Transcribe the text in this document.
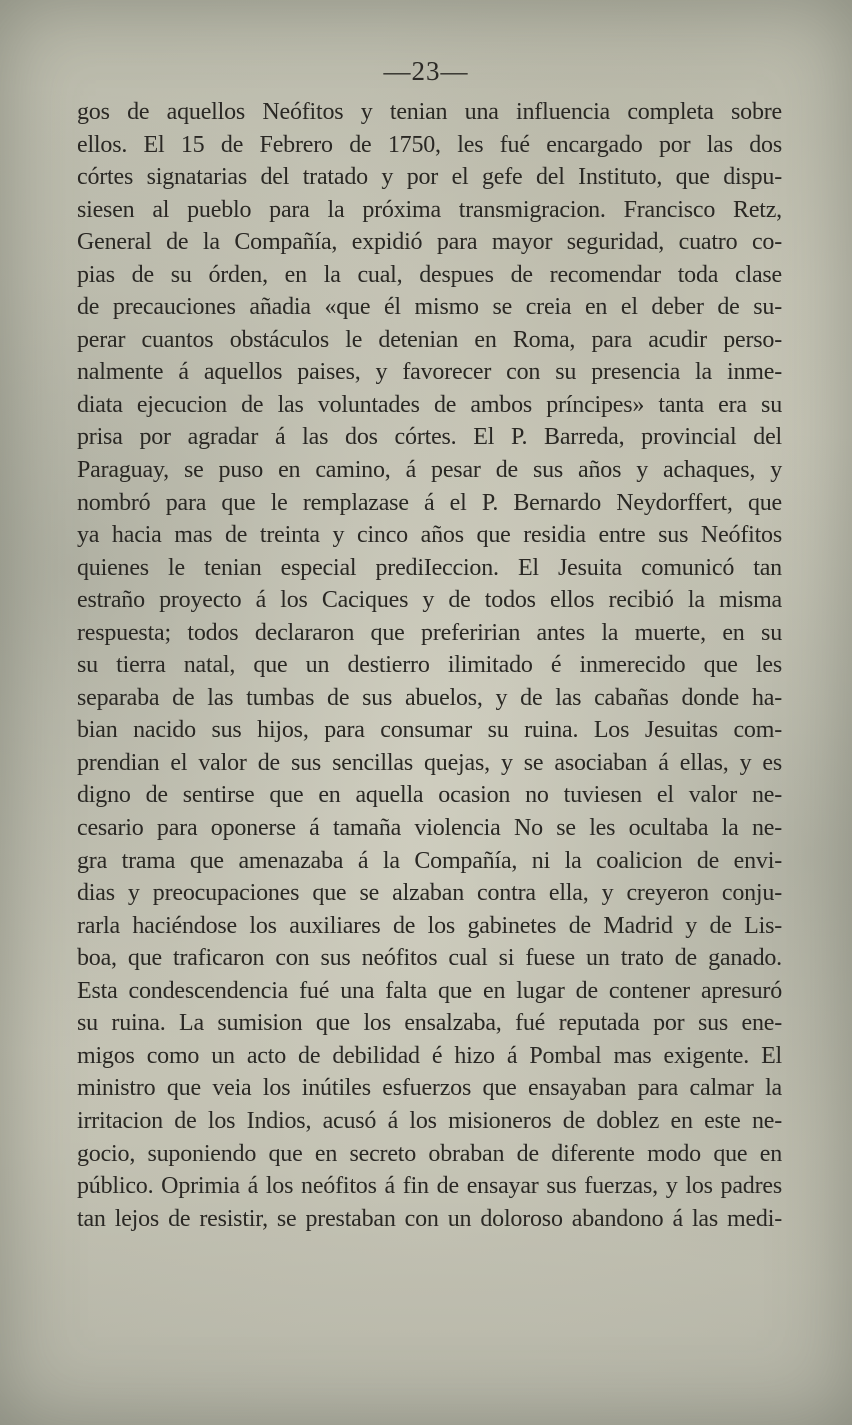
—23—
gos de aquellos Neófitos y tenian una influencia completa sobre
ellos. El 15 de Febrero de 1750, les fué encargado por las dos
córtes signatarias del tratado y por el gefe del Instituto, que dispu-
siesen al pueblo para la próxima transmigracion. Francisco Retz,
General de la Compañía, expidió para mayor seguridad, cuatro co-
pias de su órden, en la cual, despues de recomendar toda clase
de precauciones añadia «que él mismo se creia en el deber de su-
perar cuantos obstáculos le detenian en Roma, para acudir perso-
nalmente á aquellos paises, y favorecer con su presencia la inme-
diata ejecucion de las voluntades de ambos príncipes» tanta era su
prisa por agradar á las dos córtes. El P. Barreda, provincial del
Paraguay, se puso en camino, á pesar de sus años y achaques, y
nombró para que le remplazase á el P. Bernardo Neydorffert, que
ya hacia mas de treinta y cinco años que residia entre sus Neófitos
quienes le tenian especial prediIeccion. El Jesuita comunicó tan
estraño proyecto á los Caciques y de todos ellos recibió la misma
respuesta; todos declararon que preferirian antes la muerte, en su
su tierra natal, que un destierro ilimitado é inmerecido que les
separaba de las tumbas de sus abuelos, y de las cabañas donde ha-
bian nacido sus hijos, para consumar su ruina. Los Jesuitas com-
prendian el valor de sus sencillas quejas, y se asociaban á ellas, y es
digno de sentirse que en aquella ocasion no tuviesen el valor ne-
cesario para oponerse á tamaña violencia No se les ocultaba la ne-
gra trama que amenazaba á la Compañía, ni la coalicion de envi-
dias y preocupaciones que se alzaban contra ella, y creyeron conju-
rarla haciéndose los auxiliares de los gabinetes de Madrid y de Lis-
boa, que traficaron con sus neófitos cual si fuese un trato de ganado.
Esta condescendencia fué una falta que en lugar de contener apresuró
su ruina. La sumision que los ensalzaba, fué reputada por sus ene-
migos como un acto de debilidad é hizo á Pombal mas exigente. El
ministro que veia los inútiles esfuerzos que ensayaban para calmar la
irritacion de los Indios, acusó á los misioneros de doblez en este ne-
gocio, suponiendo que en secreto obraban de diferente modo que en
público. Oprimia á los neófitos á fin de ensayar sus fuerzas, y los padres
tan lejos de resistir, se prestaban con un doloroso abandono á las medi-
